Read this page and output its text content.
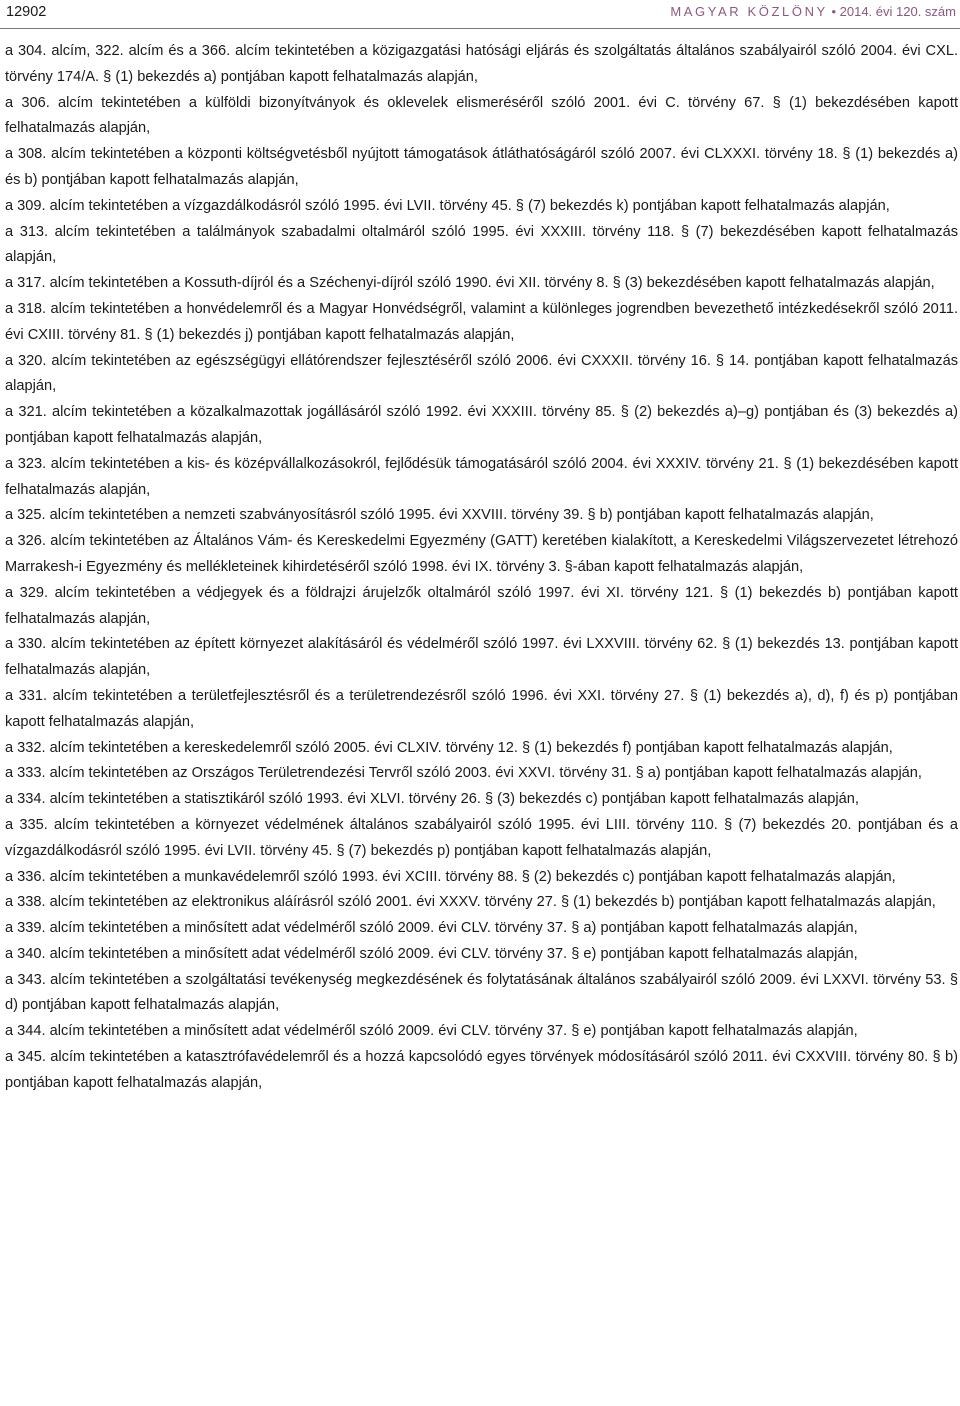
12902	MAGYAR KÖZLÖNY • 2014. évi 120. szám

a 304. alcím, 322. alcím és a 366. alcím tekintetében a közigazgatási hatósági eljárás és szolgáltatás általános szabályairól szóló 2004. évi CXL. törvény 174/A. § (1) bekezdés a) pontjában kapott felhatalmazás alapján,

a 306. alcím tekintetében a külföldi bizonyítványok és oklevelek elismeréséről szóló 2001. évi C. törvény 67. § (1) bekezdésében kapott felhatalmazás alapján,

a 308. alcím tekintetében a központi költségvetésből nyújtott támogatások átláthatóságáról szóló 2007. évi CLXXXI. törvény 18. § (1) bekezdés a) és b) pontjában kapott felhatalmazás alapján,

a 309. alcím tekintetében a vízgazdálkodásról szóló 1995. évi LVII. törvény 45. § (7) bekezdés k) pontjában kapott felhatalmazás alapján,

a 313. alcím tekintetében a találmányok szabadalmi oltalmáról szóló 1995. évi XXXIII. törvény 118. § (7) bekezdésében kapott felhatalmazás alapján,

a 317. alcím tekintetében a Kossuth-díjról és a Széchenyi-díjról szóló 1990. évi XII. törvény 8. § (3) bekezdésében kapott felhatalmazás alapján,

a 318. alcím tekintetében a honvédelemről és a Magyar Honvédségről, valamint a különleges jogrendben bevezethető intézkedésekről szóló 2011. évi CXIII. törvény 81. § (1) bekezdés j) pontjában kapott felhatalmazás alapján,

a 320. alcím tekintetében az egészségügyi ellátórendszer fejlesztéséről szóló 2006. évi CXXXII. törvény 16. § 14. pontjában kapott felhatalmazás alapján,

a 321. alcím tekintetében a közalkalmazottak jogállásáról szóló 1992. évi XXXIII. törvény 85. § (2) bekezdés a)–g) pontjában és (3) bekezdés a) pontjában kapott felhatalmazás alapján,

a 323. alcím tekintetében a kis- és középvállalkozásokról, fejlődésük támogatásáról szóló 2004. évi XXXIV. törvény 21. § (1) bekezdésében kapott felhatalmazás alapján,

a 325. alcím tekintetében a nemzeti szabványosításról szóló 1995. évi XXVIII. törvény 39. § b) pontjában kapott felhatalmazás alapján,

a 326. alcím tekintetében az Általános Vám- és Kereskedelmi Egyezmény (GATT) keretében kialakított, a Kereskedelmi Világszervezetet létrehozó Marrakesh-i Egyezmény és mellékleteinek kihirdetéséről szóló 1998. évi IX. törvény 3. §-ában kapott felhatalmazás alapján,

a 329. alcím tekintetében a védjegyek és a földrajzi árujelzők oltalmáról szóló 1997. évi XI. törvény 121. § (1) bekezdés b) pontjában kapott felhatalmazás alapján,

a 330. alcím tekintetében az épített környezet alakításáról és védelméről szóló 1997. évi LXXVIII. törvény 62. § (1) bekezdés 13. pontjában kapott felhatalmazás alapján,

a 331. alcím tekintetében a területfejlesztésről és a területrendezésről szóló 1996. évi XXI. törvény 27. § (1) bekezdés a), d), f) és p) pontjában kapott felhatalmazás alapján,

a 332. alcím tekintetében a kereskedelemről szóló 2005. évi CLXIV. törvény 12. § (1) bekezdés f) pontjában kapott felhatalmazás alapján,

a 333. alcím tekintetében az Országos Területrendezési Tervről szóló 2003. évi XXVI. törvény 31. § a) pontjában kapott felhatalmazás alapján,

a 334. alcím tekintetében a statisztikáról szóló 1993. évi XLVI. törvény 26. § (3) bekezdés c) pontjában kapott felhatalmazás alapján,

a 335. alcím tekintetében a környezet védelmének általános szabályairól szóló 1995. évi LIII. törvény 110. § (7) bekezdés 20. pontjában és a vízgazdálkodásról szóló 1995. évi LVII. törvény 45. § (7) bekezdés p) pontjában kapott felhatalmazás alapján,

a 336. alcím tekintetében a munkavédelemről szóló 1993. évi XCIII. törvény 88. § (2) bekezdés c) pontjában kapott felhatalmazás alapján,

a 338. alcím tekintetében az elektronikus aláírásról szóló 2001. évi XXXV. törvény 27. § (1) bekezdés b) pontjában kapott felhatalmazás alapján,

a 339. alcím tekintetében a minősített adat védelméről szóló 2009. évi CLV. törvény 37. § a) pontjában kapott felhatalmazás alapján,

a 340. alcím tekintetében a minősített adat védelméről szóló 2009. évi CLV. törvény 37. § e) pontjában kapott felhatalmazás alapján,

a 343. alcím tekintetében a szolgáltatási tevékenység megkezdésének és folytatásának általános szabályairól szóló 2009. évi LXXVI. törvény 53. § d) pontjában kapott felhatalmazás alapján,

a 344. alcím tekintetében a minősített adat védelméről szóló 2009. évi CLV. törvény 37. § e) pontjában kapott felhatalmazás alapján,

a 345. alcím tekintetében a katasztrófavédelemről és a hozzá kapcsolódó egyes törvények módosításáról szóló 2011. évi CXXVIII. törvény 80. § b) pontjában kapott felhatalmazás alapján,
